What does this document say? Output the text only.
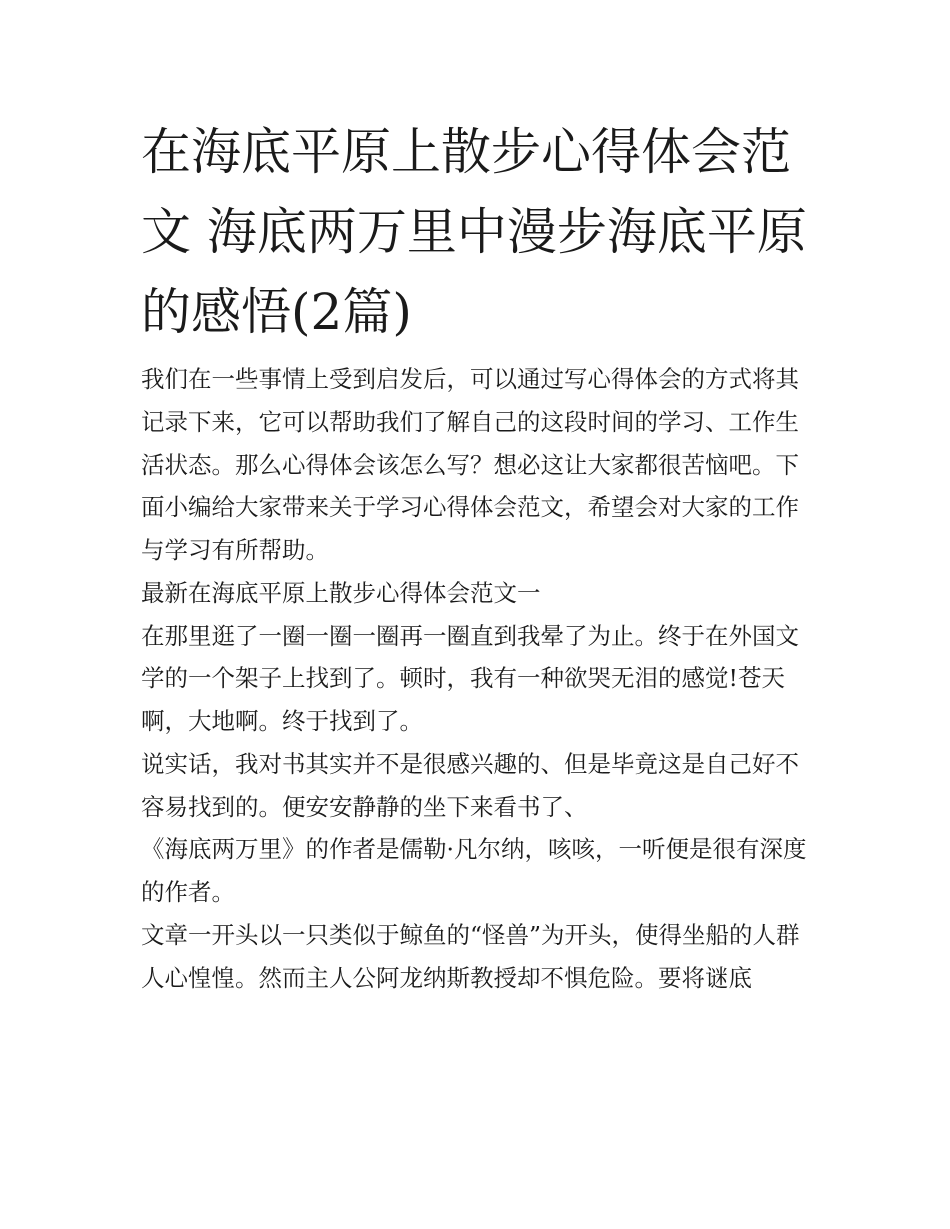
在海底平原上散步心得体会范文 海底两万里中漫步海底平原的感悟(2篇)

我们在一些事情上受到启发后，可以通过写心得体会的方式将其记录下来，它可以帮助我们了解自己的这段时间的学习、工作生活状态。那么心得体会该怎么写？想必这让大家都很苦恼吧。下面小编给大家带来关于学习心得体会范文，希望会对大家的工作与学习有所帮助。

最新在海底平原上散步心得体会范文一

在那里逛了一圈一圈一圈再一圈直到我晕了为止。终于在外国文学的一个架子上找到了。顿时，我有一种欲哭无泪的感觉!苍天啊，大地啊。终于找到了。

说实话，我对书其实并不是很感兴趣的、但是毕竟这是自己好不容易找到的。便安安静静的坐下来看书了、

《海底两万里》的作者是儒勒·凡尔纳，咳咳，一听便是很有深度的作者。

文章一开头以一只类似于鲸鱼的“怪兽”为开头，使得坐船的人群人心惶惶。然而主人公阿龙纳斯教授却不惧危险。要将谜底
